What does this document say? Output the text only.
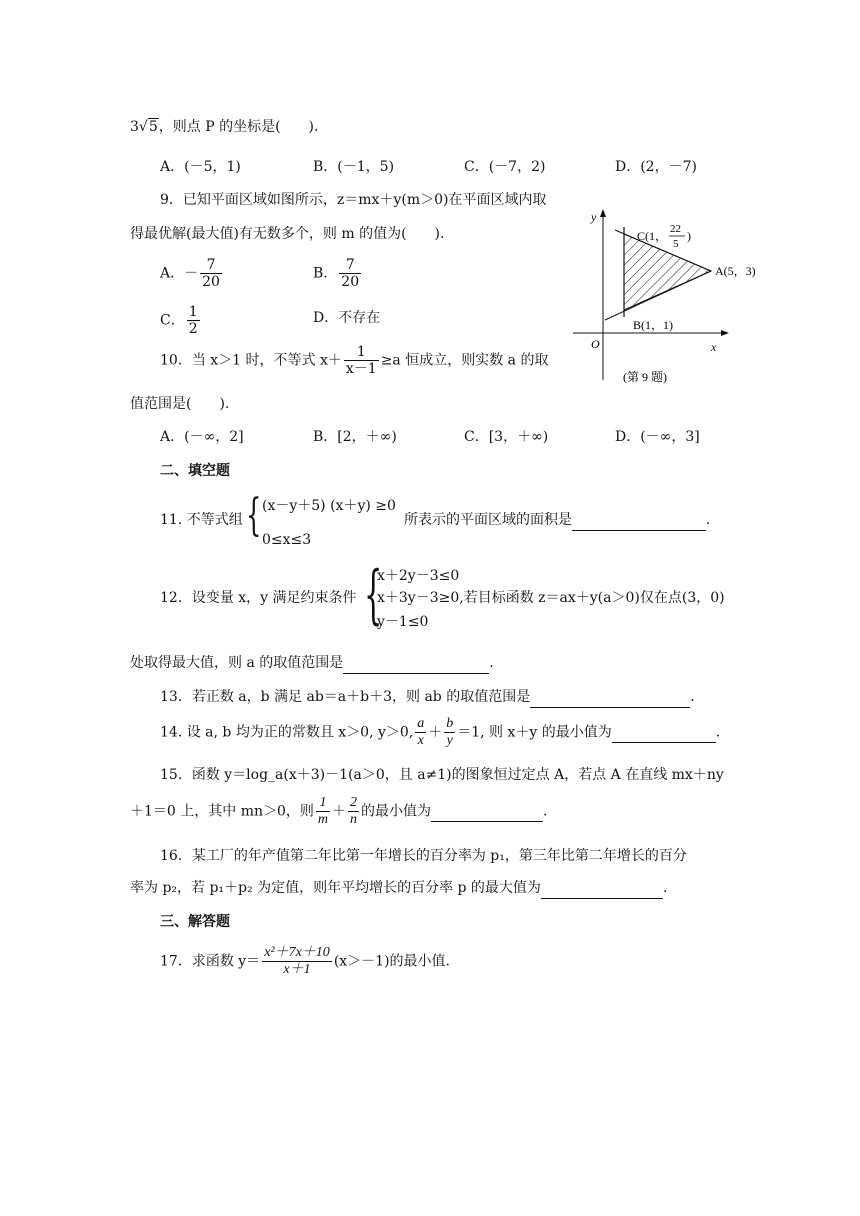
3√5，则点 P 的坐标是(　　).
A．(－5，1)	B．(－1，5)	C．(－7，2)	D．(2，－7)
9．已知平面区域如图所示，z＝mx＋y(m＞0)在平面区域内取
得最优解(最大值)有无数多个，则 m 的值为(　　).
A．－ $\frac{7}{20}$	B． $\frac{7}{20}$
C． $\frac{1}{2}$	D．不存在
y
x
O
C(1， 22
5
)
A(5，3)
B(1，1)
(第 9 题)
10．当 x＞1 时，不等式 $x+ \frac{1}{x-1} \ge a$ 恒成立，则实数 a 的取
值范围是(　　).
A．(－∞，2]	B．[2，＋∞)	C．[3，＋∞)	D．(－∞，3]
二、填空题
11. 不等式组 { (x－y＋5) (x＋y) ≥0
0≤x≤3
所表示的平面区域的面积是	.
12．设变量 x，y 满足约束条件 {
x＋2y－3≤0
x＋3y－3≥0,若目标函数 z＝ax＋y(a＞0)仅在点(3，0)
y－1≤0
处取得最大值，则 a 的取值范围是	.
13．若正数 a，b 满足 ab＝a＋b＋3，则 ab 的取值范围是	.
14. 设 a, b 均为正的常数且 x＞0, y＞0, $\frac{a}{x} + \frac{b}{y} =1$, 则 x＋y 的最小值为	.
15．函数 y＝log_a(x＋3)－1(a＞0，且 a≠1)的图象恒过定点 A，若点 A 在直线 mx＋ny
＋1＝0 上，其中 mn＞0，则 $\frac{1}{m} + \frac{2}{n}$ 的最小值为	.
16．某工厂的年产值第二年比第一年增长的百分率为 p₁，第三年比第二年增长的百分
率为 p₂，若 p₁＋p₂ 为定值，则年平均增长的百分率 p 的最大值为	.
三、解答题
17．求函数 $y= \frac{\text{x²＋7x＋10}}{x+1} (x>-1)$的最小值.
